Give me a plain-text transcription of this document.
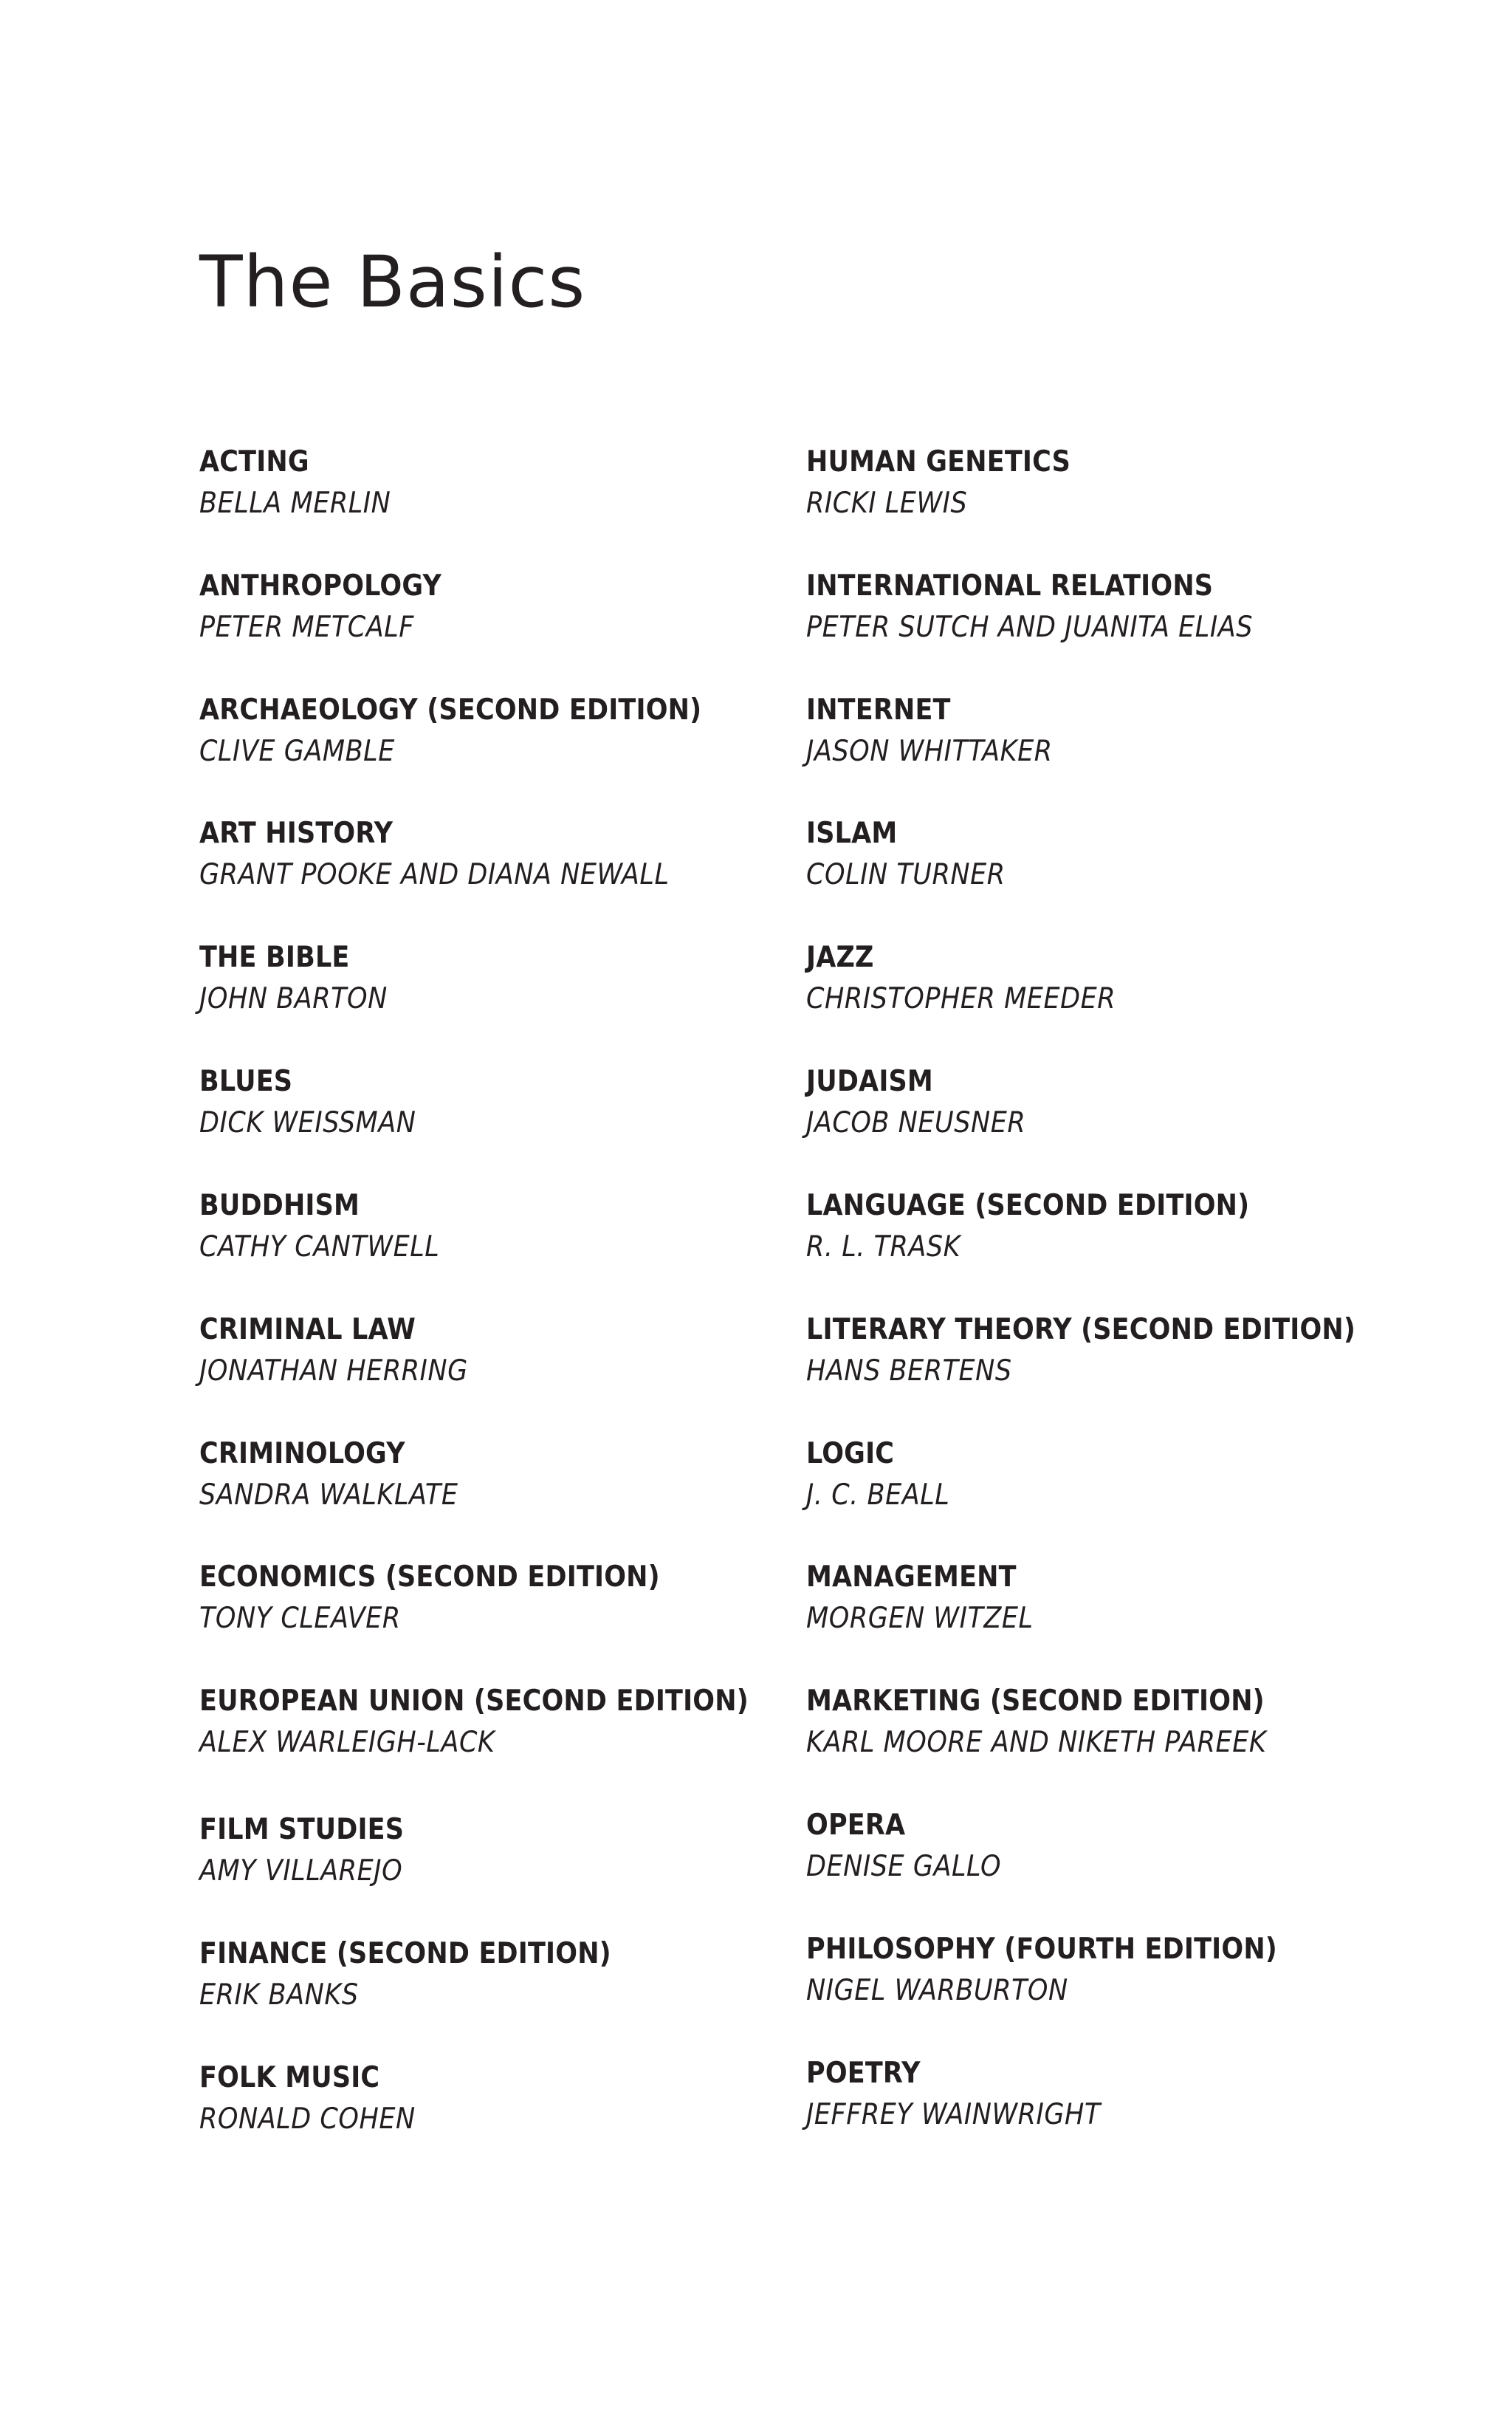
The Basics
ACTING
BELLA MERLIN
ANTHROPOLOGY
PETER METCALF
ARCHAEOLOGY (SECOND EDITION)
CLIVE GAMBLE
ART HISTORY
GRANT POOKE AND DIANA NEWALL
THE BIBLE
JOHN BARTON
BLUES
DICK WEISSMAN
BUDDHISM
CATHY CANTWELL
CRIMINAL LAW
JONATHAN HERRING
CRIMINOLOGY
SANDRA WALKLATE
ECONOMICS (SECOND EDITION)
TONY CLEAVER
EUROPEAN UNION (SECOND EDITION)
ALEX WARLEIGH-LACK
FILM STUDIES
AMY VILLAREJO
FINANCE (SECOND EDITION)
ERIK BANKS
FOLK MUSIC
RONALD COHEN
HUMAN GENETICS
RICKI LEWIS
INTERNATIONAL RELATIONS
PETER SUTCH AND JUANITA ELIAS
INTERNET
JASON WHITTAKER
ISLAM
COLIN TURNER
JAZZ
CHRISTOPHER MEEDER
JUDAISM
JACOB NEUSNER
LANGUAGE (SECOND EDITION)
R. L. TRASK
LITERARY THEORY (SECOND EDITION)
HANS BERTENS
LOGIC
J. C. BEALL
MANAGEMENT
MORGEN WITZEL
MARKETING (SECOND EDITION)
KARL MOORE AND NIKETH PAREEK
OPERA
DENISE GALLO
PHILOSOPHY (FOURTH EDITION)
NIGEL WARBURTON
POETRY
JEFFREY WAINWRIGHT
